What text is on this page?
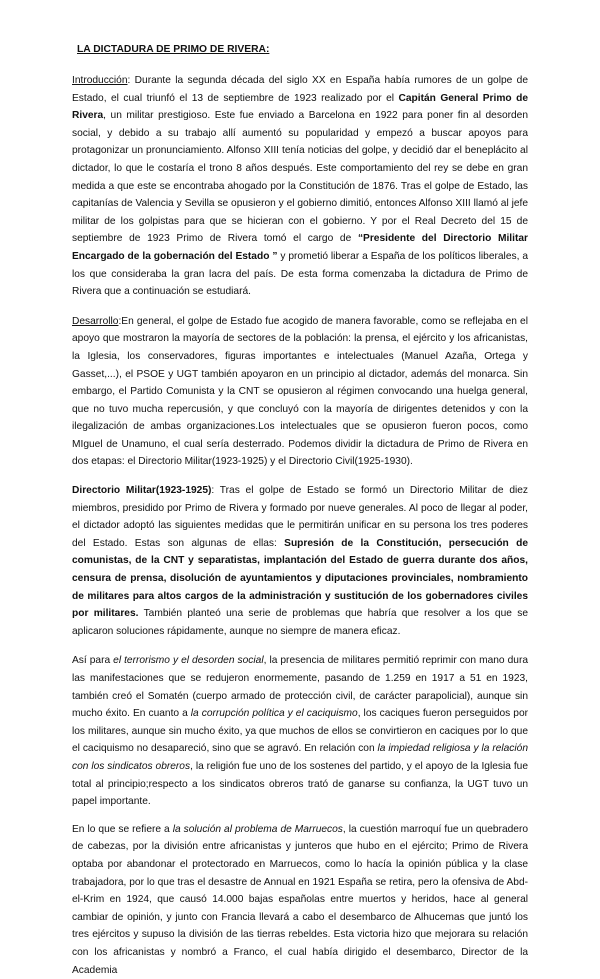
LA DICTADURA DE PRIMO DE RIVERA:

Introducción: Durante la segunda década del siglo XX en España había rumores de un golpe de Estado, el cual triunfó el 13 de septiembre de 1923 realizado por el Capitán General Primo de Rivera, un militar prestigioso. Este fue enviado a Barcelona en 1922 para poner fin al desorden social, y debido a su trabajo allí aumentó su popularidad y empezó a buscar apoyos para protagonizar un pronunciamiento. Alfonso XIII tenía noticias del golpe, y decidió dar el beneplácito al dictador, lo que le costaría el trono 8 años después. Este comportamiento del rey se debe en gran medida a que este se encontraba ahogado por la Constitución de 1876. Tras el golpe de Estado, las capitanías de Valencia y Sevilla se opusieron y el gobierno dimitió, entonces Alfonso XIII llamó al jefe militar de los golpistas para que se hicieran con el gobierno. Y por el Real Decreto del 15 de septiembre de 1923 Primo de Rivera tomó el cargo de “Presidente del Directorio Militar Encargado de la gobernación del Estado ” y prometió liberar a España de los políticos liberales, a los que consideraba la gran lacra del país. De esta forma comenzaba la dictadura de Primo de Rivera que a continuación se estudiará.

Desarrollo:En general, el golpe de Estado fue acogido de manera favorable, como se reflejaba en el apoyo que mostraron la mayoría de sectores de la población: la prensa, el ejército y los africanistas, la Iglesia, los conservadores, figuras importantes e intelectuales (Manuel Azaña, Ortega y Gasset,...), el PSOE y UGT también apoyaron en un principio al dictador, además del monarca. Sin embargo, el Partido Comunista y la CNT se opusieron al régimen convocando una huelga general, que no tuvo mucha repercusión, y que concluyó con la mayoría de dirigentes detenidos y con la ilegalización de ambas organizaciones.Los intelectuales que se opusieron fueron pocos, como MIguel de Unamuno, el cual sería desterrado. Podemos dividir la dictadura de Primo de Rivera en dos etapas: el Directorio Militar(1923-1925) y el Directorio Civil(1925-1930).

Directorio Militar(1923-1925): Tras el golpe de Estado se formó un Directorio Militar de diez miembros, presidido por Primo de Rivera y formado por nueve generales. Al poco de llegar al poder, el dictador adoptó las siguientes medidas que le permitirán unificar en su persona los tres poderes del Estado. Estas son algunas de ellas: Supresión de la Constitución, persecución de comunistas, de la CNT y separatistas, implantación del Estado de guerra durante dos años, censura de prensa, disolución de ayuntamientos y diputaciones provinciales, nombramiento de militares para altos cargos de la administración y sustitución de los gobernadores civiles por militares. También planteó una serie de problemas que habría que resolver a los que se aplicaron soluciones rápidamente, aunque no siempre de manera eficaz.

Así para el terrorismo y el desorden social, la presencia de militares permitió reprimir con mano dura las manifestaciones que se redujeron enormemente, pasando de 1.259 en 1917 a 51 en 1923, también creó el Somatén (cuerpo armado de protección civil, de carácter parapolicial), aunque sin mucho éxito. En cuanto a la corrupción política y el caciquismo, los caciques fueron perseguidos por los militares, aunque sin mucho éxito, ya que muchos de ellos se convirtieron en caciques por lo que el caciquismo no desapareció, sino que se agravó. En relación con la impiedad religiosa y la relación con los sindicatos obreros, la religión fue uno de los sostenes del partido, y el apoyo de la Iglesia fue total al principio;respecto a los sindicatos obreros trató de ganarse su confianza, la UGT tuvo un papel importante.

En lo que se refiere a la solución al problema de Marruecos, la cuestión marroquí fue un quebradero de cabezas, por la división entre africanistas y junteros que hubo en el ejército; Primo de Rivera optaba por abandonar el protectorado en Marruecos, como lo hacía la opinión pública y la clase trabajadora, por lo que tras el desastre de Annual en 1921 España se retira, pero la ofensiva de Abd-el-Krim en 1924, que causó 14.000 bajas españolas entre muertos y heridos, hace al general cambiar de opinión, y junto con Francia llevará a cabo el desembarco de Alhucemas que juntó los tres ejércitos y supuso la división de las tierras rebeldes. Esta victoria hizo que mejorara su relación con los africanistas y nombró a Franco, el cual había dirigido el desembarco, Director de la Academia
